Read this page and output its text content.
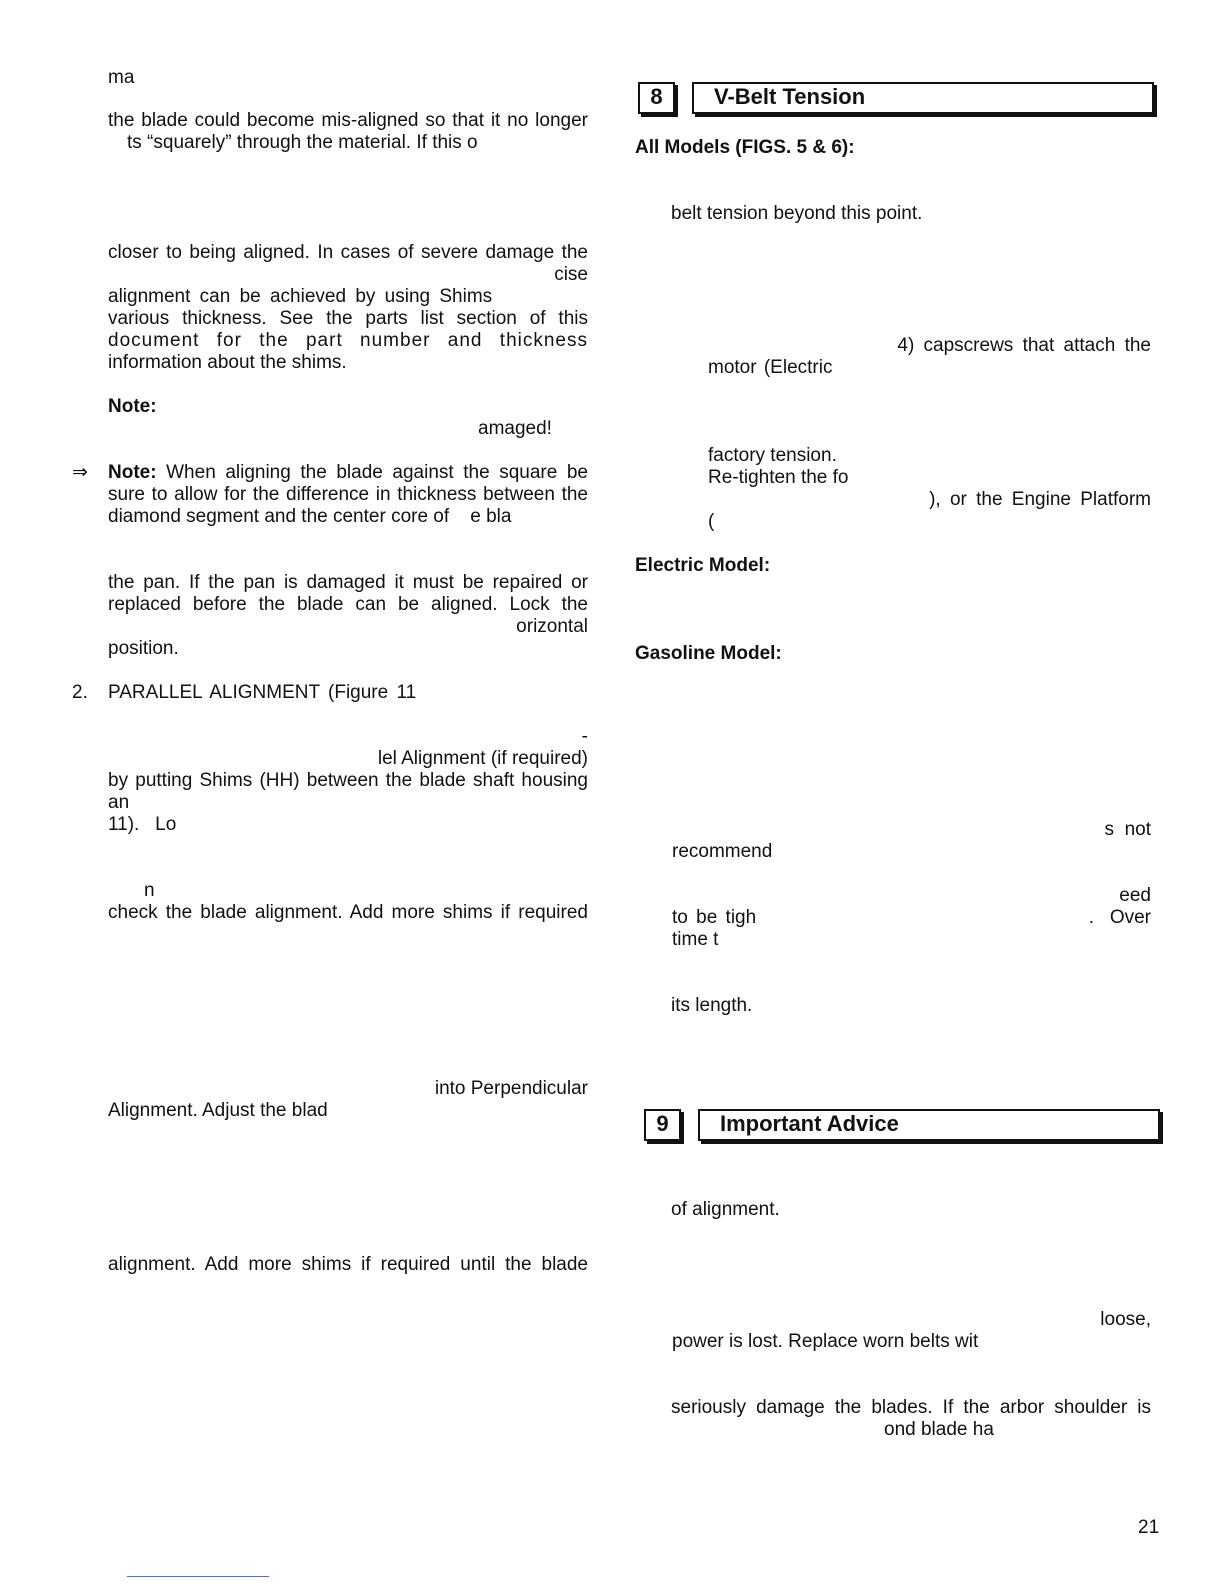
ma
the blade could become mis-aligned so that it no longer
ts “squarely” through the material. If this o
closer to being aligned. In cases of severe damage the
cise
alignment can be achieved by using Shims
various thickness. See the parts list section of this
document for the part number and thickness
information about the shims.
Note:
amaged!
⇒ Note: When aligning the blade against the square be
sure to allow for the difference in thickness between the
diamond segment and the center core of    e bla
the pan. If the pan is damaged it must be repaired or
replaced before the blade can be aligned. Lock the
orizontal
position.
2. PARALLEL ALIGNMENT (Figure 11
-
lel Alignment (if required)
by putting Shims (HH) between the blade shaft housing
an
11).   Lo
n
check the blade alignment. Add more shims if required
into Perpendicular
Alignment. Adjust the blad
alignment. Add more shims if required until the blade
8	V-Belt Tension
All Models (FIGS. 5 & 6):
belt tension beyond this point.
4) capscrews that attach the
motor (Electric
factory tension.
Re-tighten the fo
), or the Engine Platform
(
Electric Model:
Gasoline Model:
s  not
recommend
eed
to be tigh	.   Over
time t
its length.
9	Important Advice
of alignment.
loose,
power is lost. Replace worn belts wit
seriously damage the blades. If the arbor shoulder is
ond blade ha
21
